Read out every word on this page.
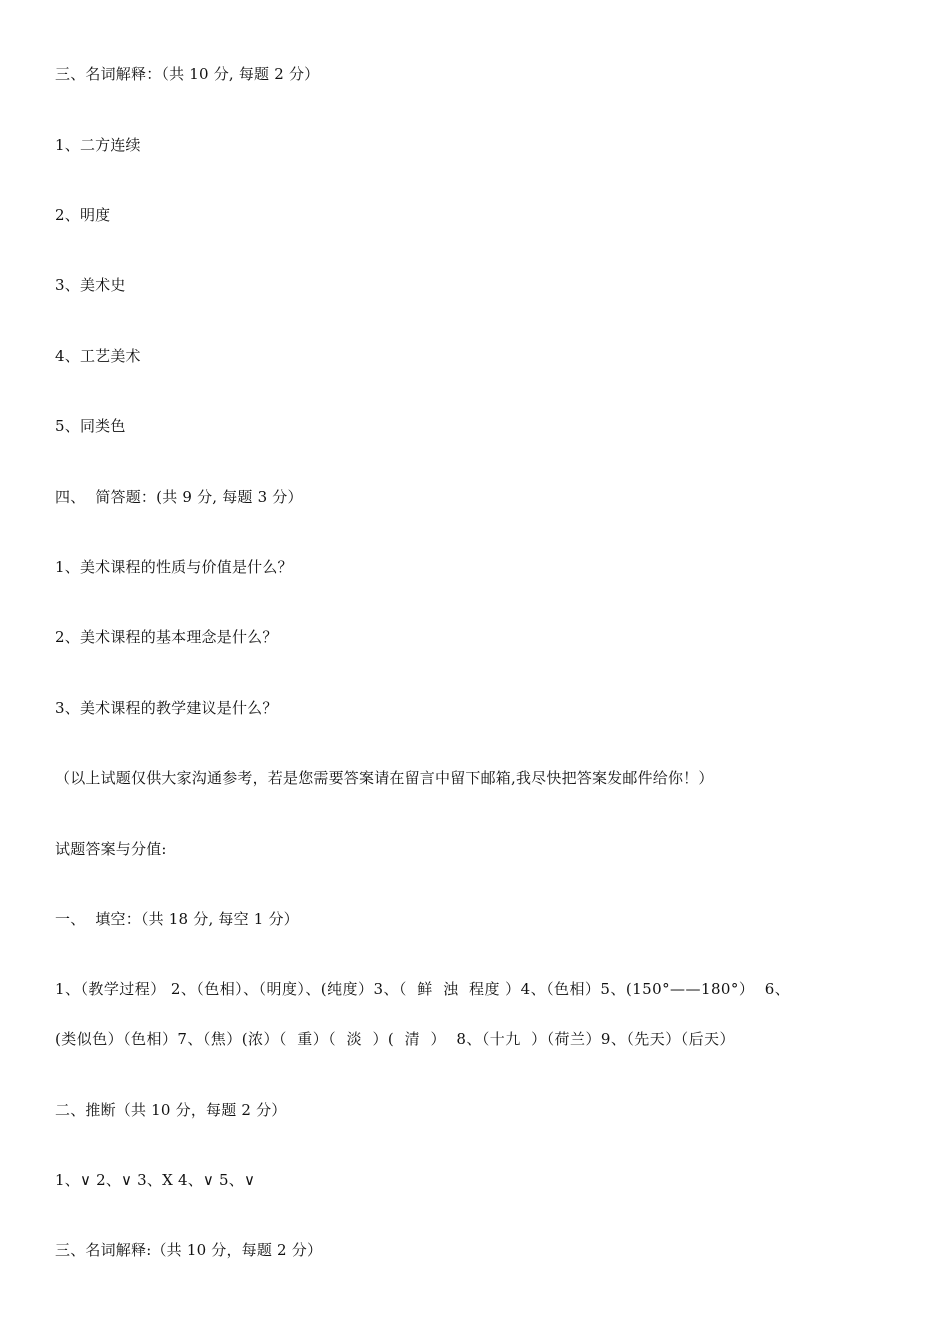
三、名词解释：（共 10 分, 每题 2 分）
1、二方连续
2、明度
3、美术史
4、工艺美术
5、同类色
四、  简答题：(共 9 分, 每题 3 分）
1、美术课程的性质与价值是什么？
2、美术课程的基本理念是什么？
3、美术课程的教学建议是什么？
（以上试题仅供大家沟通参考，若是您需要答案请在留言中留下邮箱,我尽快把答案发邮件给你！）
试题答案与分值:
一、  填空：（共 18 分, 每空 1 分）
1、（教学过程） 2、（色相）、（明度）、(纯度）3、（  鲜  浊  程度 ）4、（色相）5、(150°——180°）  6、
(类似色）（色相）7、（焦）(浓）（  重）（  淡  ）(  清  ）  8、（十九  ）（荷兰）9、（先天）（后天）
二、推断（共 10 分，每题 2 分）
1、∨ 2、∨ 3、X 4、∨ 5、∨
三、名词解释:（共 10 分，每题 2 分）
